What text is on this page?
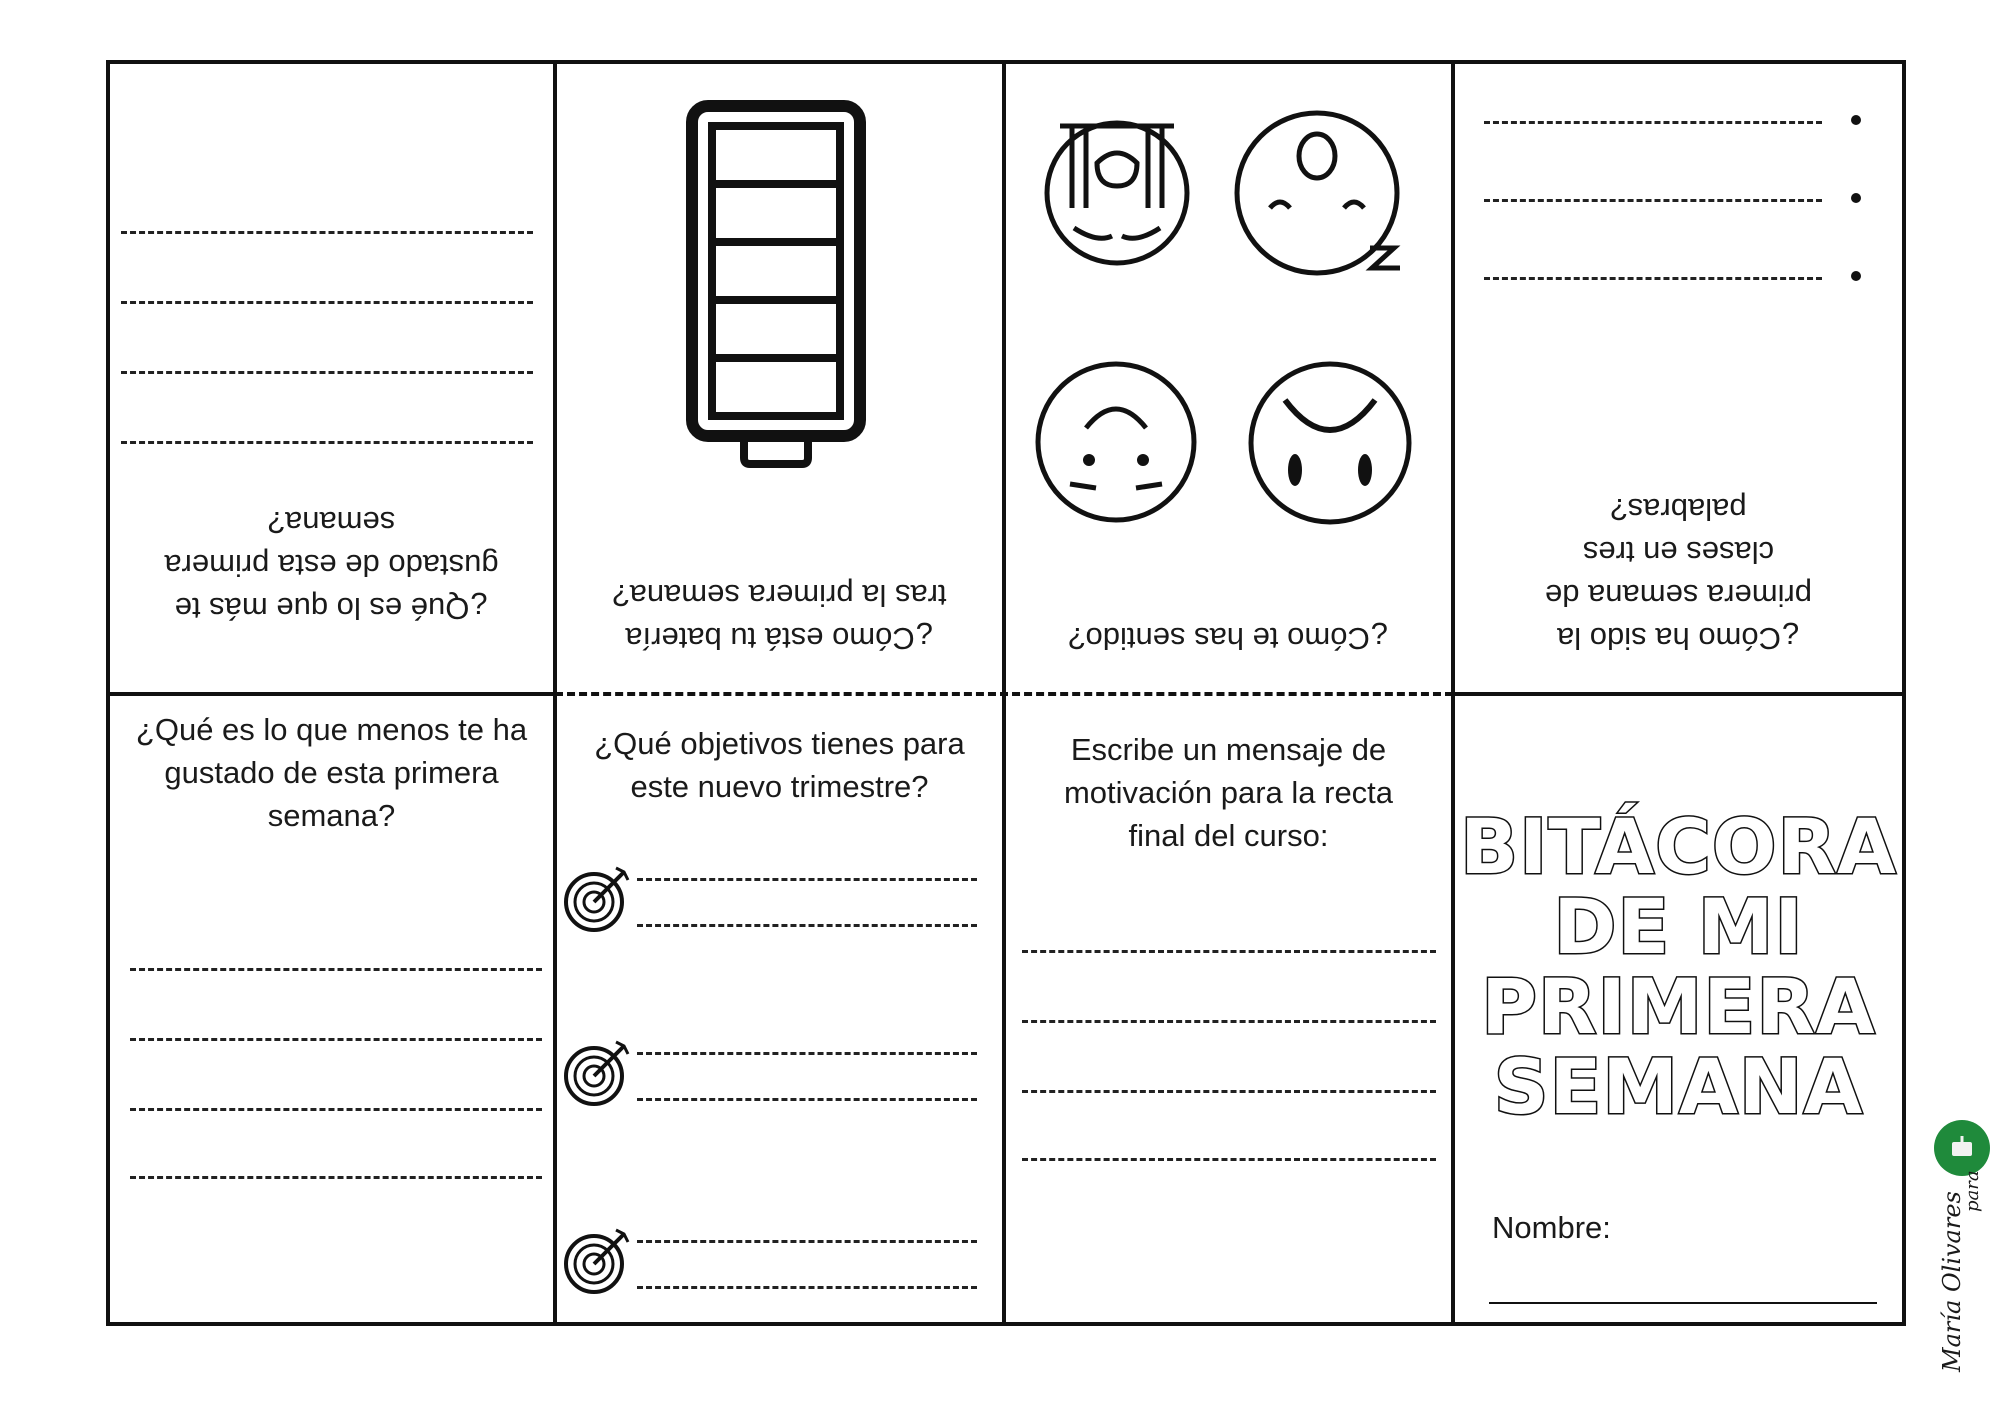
¿Qué es lo que más te gustado de esta primera semana?
¿Cómo está tu batería tras la primera semana?
¿Cómo te has sentido?	¿Cómo ha sido la primera semana de clases en tres palabras?
¿Qué es lo que menos te ha gustado de esta primera semana?
¿Qué objetivos tienes para este nuevo trimestre?
Escribe un mensaje de motivación para la recta final del curso:	BITÁCORA
DE MI
PRIMERA
SEMANA
Nombre:	María Olivares
para
